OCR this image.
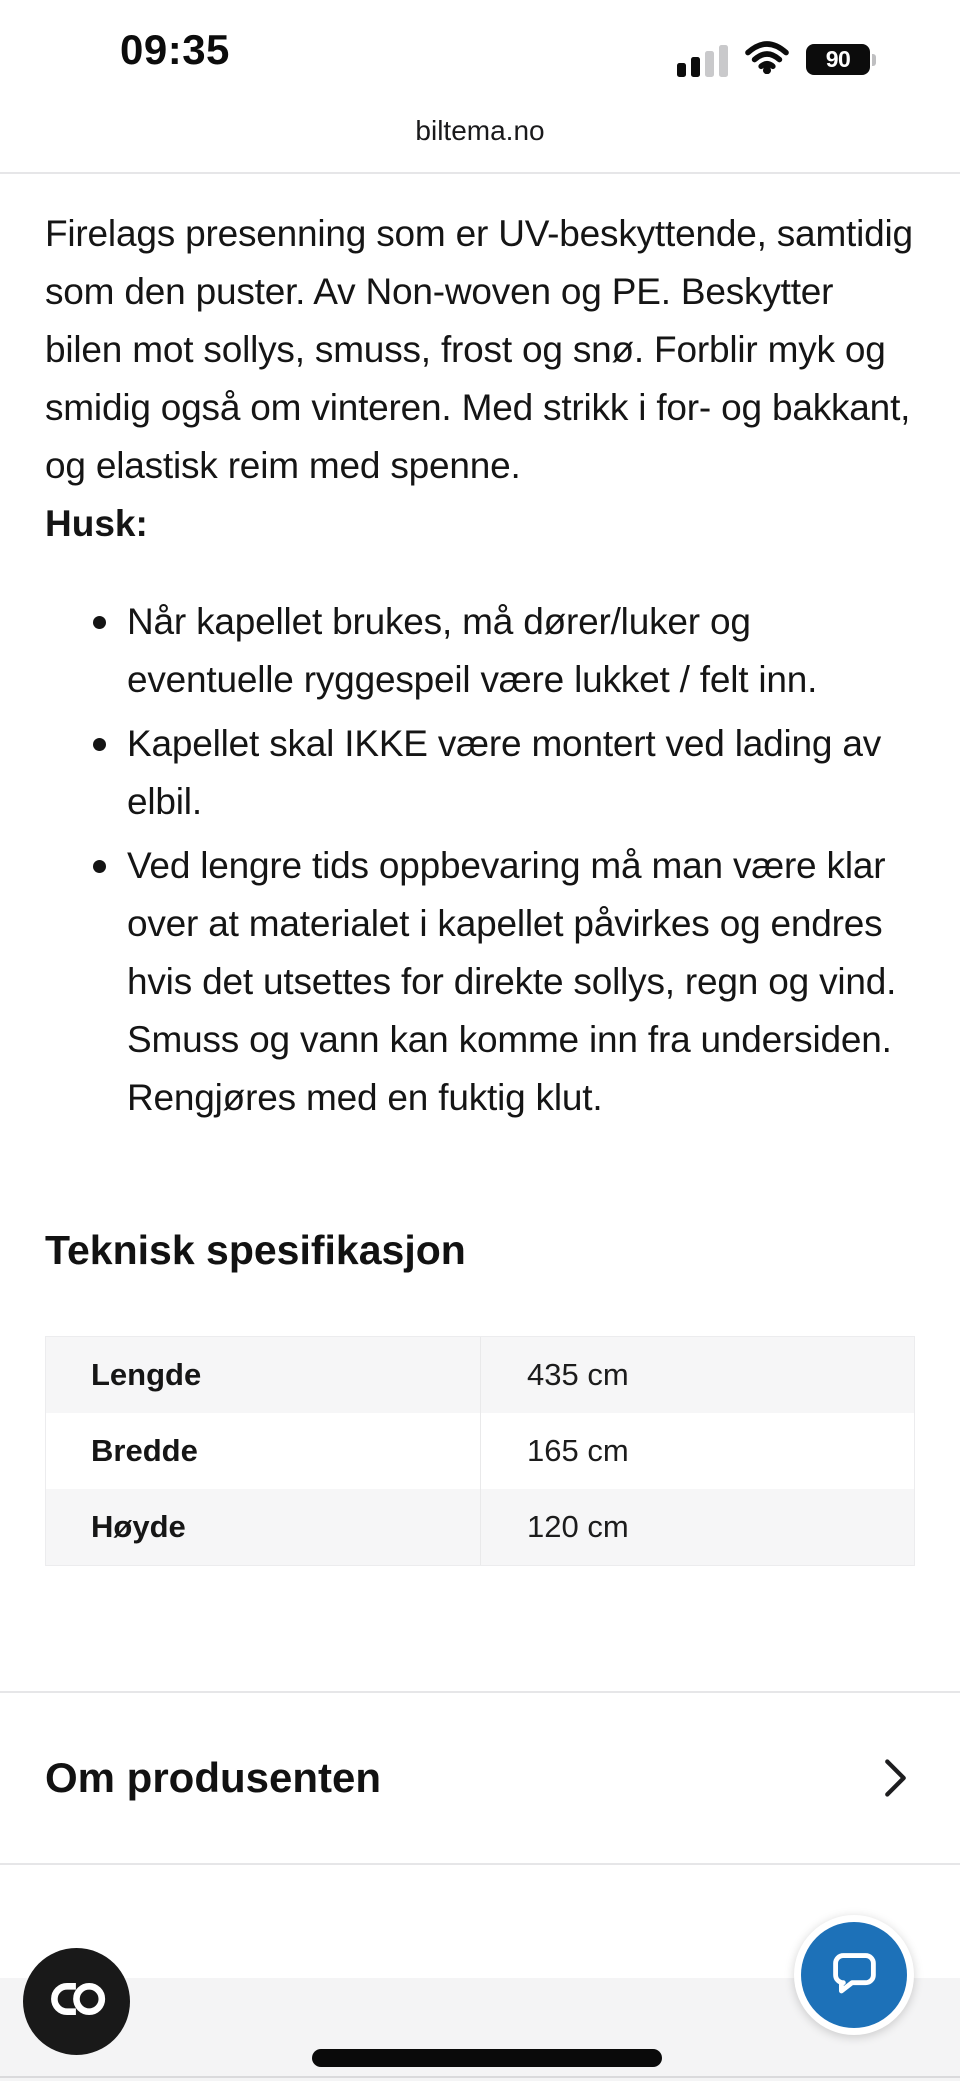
09:35	90
biltema.no

Firelags presenning som er UV-beskyttende, samtidig som den puster. Av Non-woven og PE. Beskytter bilen mot sollys, smuss, frost og snø. Forblir myk og smidig også om vinteren. Med strikk i for- og bakkant, og elastisk reim med spenne.

Husk:

Når kapellet brukes, må dører/luker og eventuelle ryggespeil være lukket / felt inn.
Kapellet skal IKKE være montert ved lading av elbil.
Ved lengre tids oppbevaring må man være klar over at materialet i kapellet påvirkes og endres hvis det utsettes for direkte sollys, regn og vind. Smuss og vann kan komme inn fra undersiden. Rengjøres med en fuktig klut.
Teknisk spesifikasjon
Lengde	435 cm
Bredde	165 cm
Høyde	120 cm
Om produsenten
